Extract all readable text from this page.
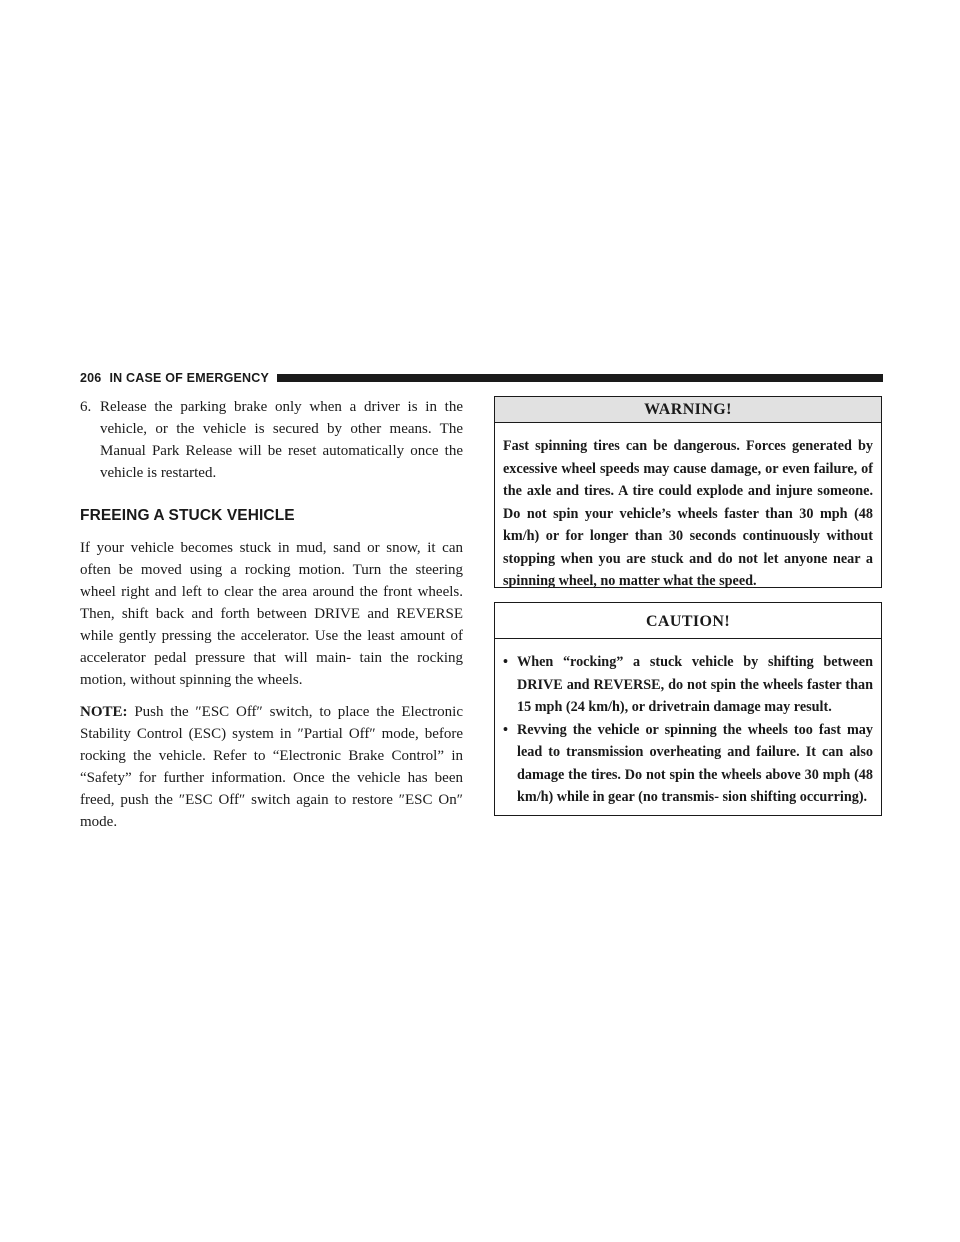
206 IN CASE OF EMERGENCY
6. Release the parking brake only when a driver is in the vehicle, or the vehicle is secured by other means. The Manual Park Release will be reset automatically once the vehicle is restarted.
FREEING A STUCK VEHICLE

If your vehicle becomes stuck in mud, sand or snow, it can often be moved using a rocking motion. Turn the steering wheel right and left to clear the area around the front wheels. Then, shift back and forth between DRIVE and REVERSE while gently pressing the accelerator. Use the least amount of accelerator pedal pressure that will main- tain the rocking motion, without spinning the wheels.

NOTE: Push the ″ESC Off″ switch, to place the Electronic Stability Control (ESC) system in ″Partial Off″ mode, before rocking the vehicle. Refer to “Electronic Brake Control” in “Safety” for further information. Once the vehicle has been freed, push the ″ESC Off″ switch again to restore ″ESC On″ mode.

WARNING!
Fast spinning tires can be dangerous. Forces generated by excessive wheel speeds may cause damage, or even failure, of the axle and tires. A tire could explode and injure someone. Do not spin your vehicle’s wheels faster than 30 mph (48 km/h) or for longer than 30 seconds continuously without stopping when you are stuck and do not let anyone near a spinning wheel, no matter what the speed.
CAUTION!
• When “rocking” a stuck vehicle by shifting between DRIVE and REVERSE, do not spin the wheels faster than 15 mph (24 km/h), or drivetrain damage may result.
• Revving the vehicle or spinning the wheels too fast may lead to transmission overheating and failure. It can also damage the tires. Do not spin the wheels above 30 mph (48 km/h) while in gear (no transmis- sion shifting occurring).
